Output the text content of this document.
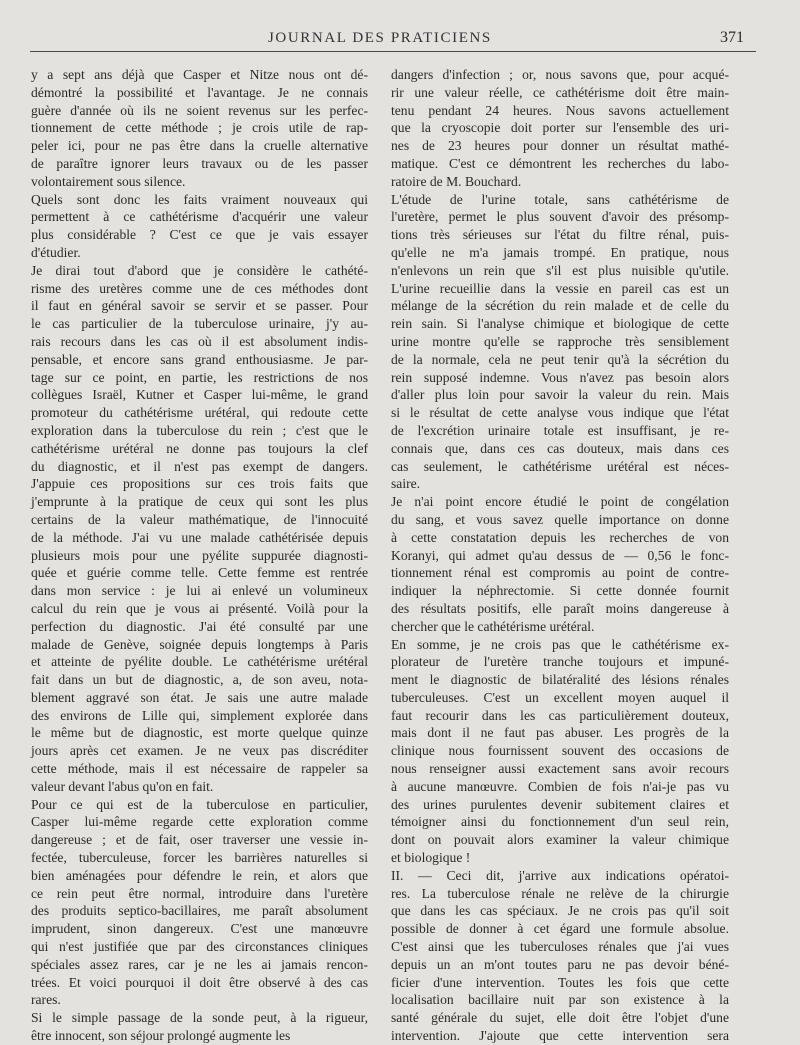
JOURNAL DES PRATICIENS	371
y a sept ans déjà que Casper et Nitze nous ont dé-
démontré la possibilité et l'avantage. Je ne connais
guère d'année où ils ne soient revenus sur les perfec-
tionnement de cette méthode ; je crois utile de rap-
peler ici, pour ne pas être dans la cruelle alternative
de paraître ignorer leurs travaux ou de les passer
volontairement sous silence.
Quels sont donc les faits vraiment nouveaux qui
permettent à ce cathétérisme d'acquérir une valeur
plus considérable ? C'est ce que je vais essayer
d'étudier.
Je dirai tout d'abord que je considère le cathété-
risme des uretères comme une de ces méthodes dont
il faut en général savoir se servir et se passer. Pour
le cas particulier de la tuberculose urinaire, j'y au-
rais recours dans les cas où il est absolument indis-
pensable, et encore sans grand enthousiasme. Je par-
tage sur ce point, en partie, les restrictions de nos
collègues Israël, Kutner et Casper lui-même, le grand
promoteur du cathétérisme urétéral, qui redoute cette
exploration dans la tuberculose du rein ; c'est que le
cathétérisme urétéral ne donne pas toujours la clef
du diagnostic, et il n'est pas exempt de dangers.
J'appuie ces propositions sur ces trois faits que
j'emprunte à la pratique de ceux qui sont les plus
certains de la valeur mathématique, de l'innocuité
de la méthode. J'ai vu une malade cathétérisée depuis
plusieurs mois pour une pyélite suppurée diagnosti-
quée et guérie comme telle. Cette femme est rentrée
dans mon service : je lui ai enlevé un volumineux
calcul du rein que je vous ai présenté. Voilà pour la
perfection du diagnostic. J'ai été consulté par une
malade de Genève, soignée depuis longtemps à Paris
et atteinte de pyélite double. Le cathétérisme urétéral
fait dans un but de diagnostic, a, de son aveu, nota-
blement aggravé son état. Je sais une autre malade
des environs de Lille qui, simplement explorée dans
le même but de diagnostic, est morte quelque quinze
jours après cet examen. Je ne veux pas discréditer
cette méthode, mais il est nécessaire de rappeler sa
valeur devant l'abus qu'on en fait.
Pour ce qui est de la tuberculose en particulier,
Casper lui-même regarde cette exploration comme
dangereuse ; et de fait, oser traverser une vessie in-
fectée, tuberculeuse, forcer les barrières naturelles si
bien aménagées pour défendre le rein, et alors que
ce rein peut être normal, introduire dans l'uretère
des produits septico-bacillaires, me paraît absolument
imprudent, sinon dangereux. C'est une manœuvre
qui n'est justifiée que par des circonstances cliniques
spéciales assez rares, car je ne les ai jamais rencon-
trées. Et voici pourquoi il doit être observé à des cas
rares.
Si le simple passage de la sonde peut, à la rigueur,
être innocent, son séjour prolongé augmente les
dangers d'infection ; or, nous savons que, pour acqué-
rir une valeur réelle, ce cathétérisme doit être main-
tenu pendant 24 heures. Nous savons actuellement
que la cryoscopie doit porter sur l'ensemble des uri-
nes de 23 heures pour donner un résultat mathé-
matique. C'est ce démontrent les recherches du labo-
ratoire de M. Bouchard.
L'étude de l'urine totale, sans cathétérisme de
l'uretère, permet le plus souvent d'avoir des présomp-
tions très sérieuses sur l'état du filtre rénal, puis-
qu'elle ne m'a jamais trompé. En pratique, nous
n'enlevons un rein que s'il est plus nuisible qu'utile.
L'urine recueillie dans la vessie en pareil cas est un
mélange de la sécrétion du rein malade et de celle du
rein sain. Si l'analyse chimique et biologique de cette
urine montre qu'elle se rapproche très sensiblement
de la normale, cela ne peut tenir qu'à la sécrétion du
rein supposé indemne. Vous n'avez pas besoin alors
d'aller plus loin pour savoir la valeur du rein. Mais
si le résultat de cette analyse vous indique que l'état
de l'excrétion urinaire totale est insuffisant, je re-
connais que, dans ces cas douteux, mais dans ces
cas seulement, le cathétérisme urétéral est néces-
saire.
Je n'ai point encore étudié le point de congélation
du sang, et vous savez quelle importance on donne
à cette constatation depuis les recherches de von
Koranyi, qui admet qu'au dessus de — 0,56 le fonc-
tionnement rénal est compromis au point de contre-
indiquer la néphrectomie. Si cette donnée fournit
des résultats positifs, elle paraît moins dangereuse à
chercher que le cathétérisme urétéral.
En somme, je ne crois pas que le cathétérisme ex-
plorateur de l'uretère tranche toujours et impuné-
ment le diagnostic de bilatéralité des lésions rénales
tuberculeuses. C'est un excellent moyen auquel il
faut recourir dans les cas particulièrement douteux,
mais dont il ne faut pas abuser. Les progrès de la
clinique nous fournissent souvent des occasions de
nous renseigner aussi exactement sans avoir recours
à aucune manœuvre. Combien de fois n'ai-je pas vu
des urines purulentes devenir subitement claires et
témoigner ainsi du fonctionnement d'un seul rein,
dont on pouvait alors examiner la valeur chimique
et biologique !
II. — Ceci dit, j'arrive aux indications opératoi-
res. La tuberculose rénale ne relève de la chirurgie
que dans les cas spéciaux. Je ne crois pas qu'il soit
possible de donner à cet égard une formule absolue.
C'est ainsi que les tuberculoses rénales que j'ai vues
depuis un an m'ont toutes paru ne pas devoir béné-
ficier d'une intervention. Toutes les fois que cette
localisation bacillaire nuit par son existence à la
santé générale du sujet, elle doit être l'objet d'une
intervention. J'ajoute que cette intervention sera
